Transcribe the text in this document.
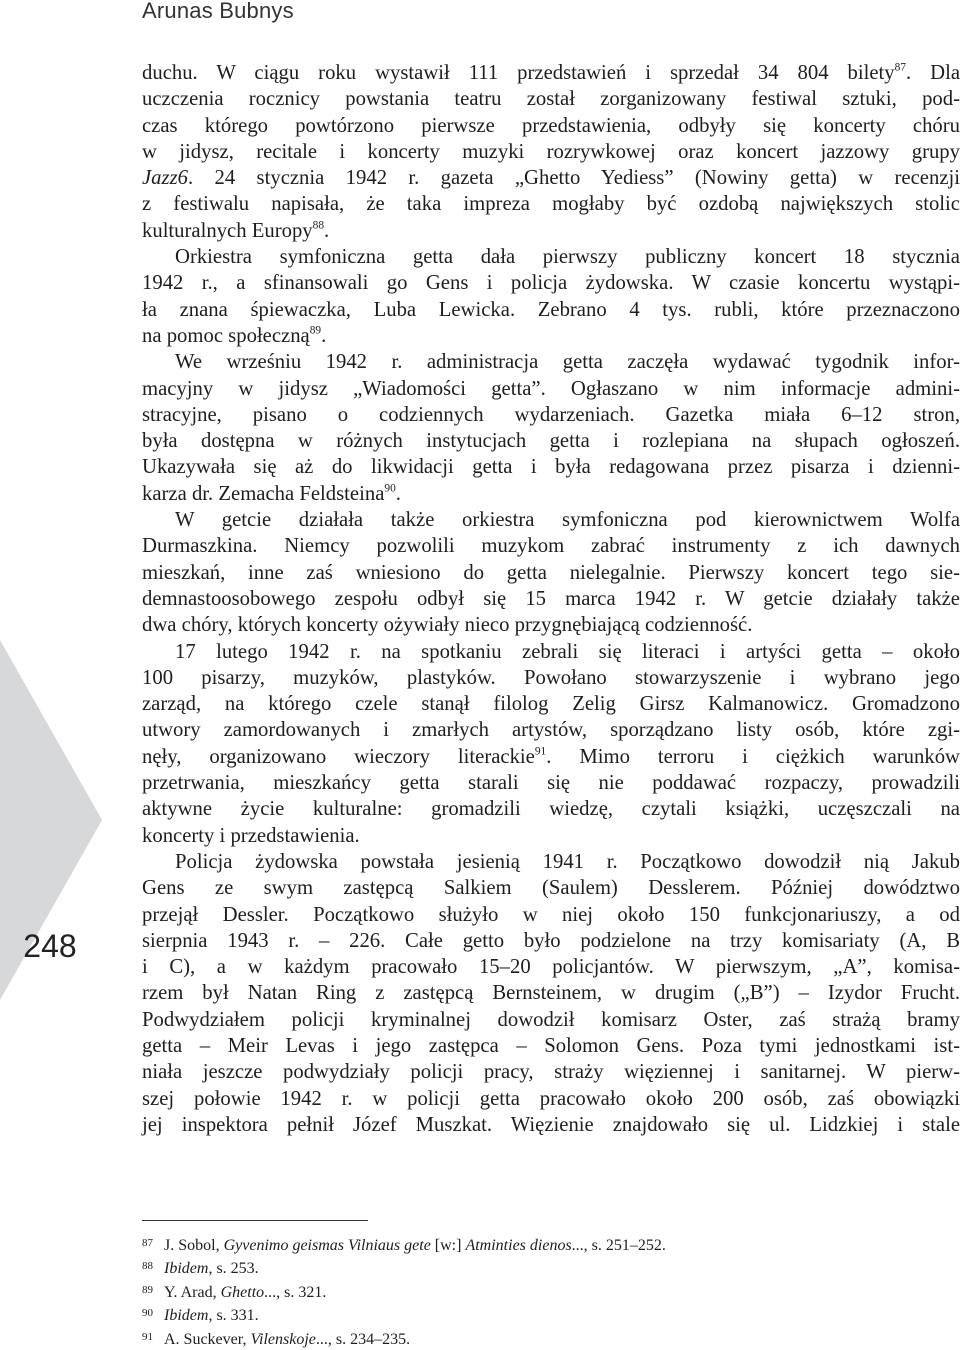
Arunas Bubnys
248
duchu. W ciągu roku wystawił 111 przedstawień i sprzedał 34 804 bilety$^{87}$. Dla
uczczenia rocznicy powstania teatru został zorganizowany festiwal sztuki, pod-
czas którego powtórzono pierwsze przedstawienia, odbyły się koncerty chóru
w jidysz, recitale i koncerty muzyki rozrywkowej oraz koncert jazzowy grupy
Jazz6. 24 stycznia 1942 r. gazeta „Ghetto Yediess” (Nowiny getta) w recenzji
z festiwalu napisała, że taka impreza mogłaby być ozdobą największych stolic
kulturalnych Europy$^{88}$.
Orkiestra symfoniczna getta dała pierwszy publiczny koncert 18 stycznia
1942 r., a sfinansowali go Gens i policja żydowska. W czasie koncertu wystąpi-
ła znana śpiewaczka, Luba Lewicka. Zebrano 4 tys. rubli, które przeznaczono
na pomoc społeczną$^{89}$.
We wrześniu 1942 r. administracja getta zaczęła wydawać tygodnik infor-
macyjny w jidysz „Wiadomości getta”. Ogłaszano w nim informacje admini-
stracyjne, pisano o codziennych wydarzeniach. Gazetka miała 6–12 stron,
była dostępna w różnych instytucjach getta i rozlepiana na słupach ogłoszeń.
Ukazywała się aż do likwidacji getta i była redagowana przez pisarza i dzienni-
karza dr. Zemacha Feldsteina$^{90}$.
W getcie działała także orkiestra symfoniczna pod kierownictwem Wolfa
Durmaszkina. Niemcy pozwolili muzykom zabrać instrumenty z ich dawnych
mieszkań, inne zaś wniesiono do getta nielegalnie. Pierwszy koncert tego sie-
demnastoosobowego zespołu odbył się 15 marca 1942 r. W getcie działały także
dwa chóry, których koncerty ożywiały nieco przygnębiającą codzienność.
17 lutego 1942 r. na spotkaniu zebrali się literaci i artyści getta – około
100 pisarzy, muzyków, plastyków. Powołano stowarzyszenie i wybrano jego
zarząd, na którego czele stanął filolog Zelig Girsz Kalmanowicz. Gromadzono
utwory zamordowanych i zmarłych artystów, sporządzano listy osób, które zgi-
nęły, organizowano wieczory literackie$^{91}$. Mimo terroru i ciężkich warunków
przetrwania, mieszkańcy getta starali się nie poddawać rozpaczy, prowadzili
aktywne życie kulturalne: gromadzili wiedzę, czytali książki, uczęszczali na
koncerty i przedstawienia.
Policja żydowska powstała jesienią 1941 r. Początkowo dowodził nią Jakub
Gens ze swym zastępcą Salkiem (Saulem) Desslerem. Później dowództwo
przejął Dessler. Początkowo służyło w niej około 150 funkcjonariuszy, a od
sierpnia 1943 r. – 226. Całe getto było podzielone na trzy komisariaty (A, B
i C), a w każdym pracowało 15–20 policjantów. W pierwszym, „A”, komisa-
rzem był Natan Ring z zastępcą Bernsteinem, w drugim („B”) – Izydor Frucht.
Podwydziałem policji kryminalnej dowodził komisarz Oster, zaś strażą bramy
getta – Meir Levas i jego zastępca – Solomon Gens. Poza tymi jednostkami ist-
niała jeszcze podwydziały policji pracy, straży więziennej i sanitarnej. W pierw-
szej połowie 1942 r. w policji getta pracowało około 200 osób, zaś obowiązki
jej inspektora pełnił Józef Muszkat. Więzienie znajdowało się ul. Lidzkiej i stale
87 J. Sobol, Gyvenimo geismas Vilniaus gete [w:] Atminties dienos..., s. 251–252.
88 Ibidem, s. 253.
89 Y. Arad, Ghetto..., s. 321.
90 Ibidem, s. 331.
91 A. Suckever, Vilenskoje..., s. 234–235.
